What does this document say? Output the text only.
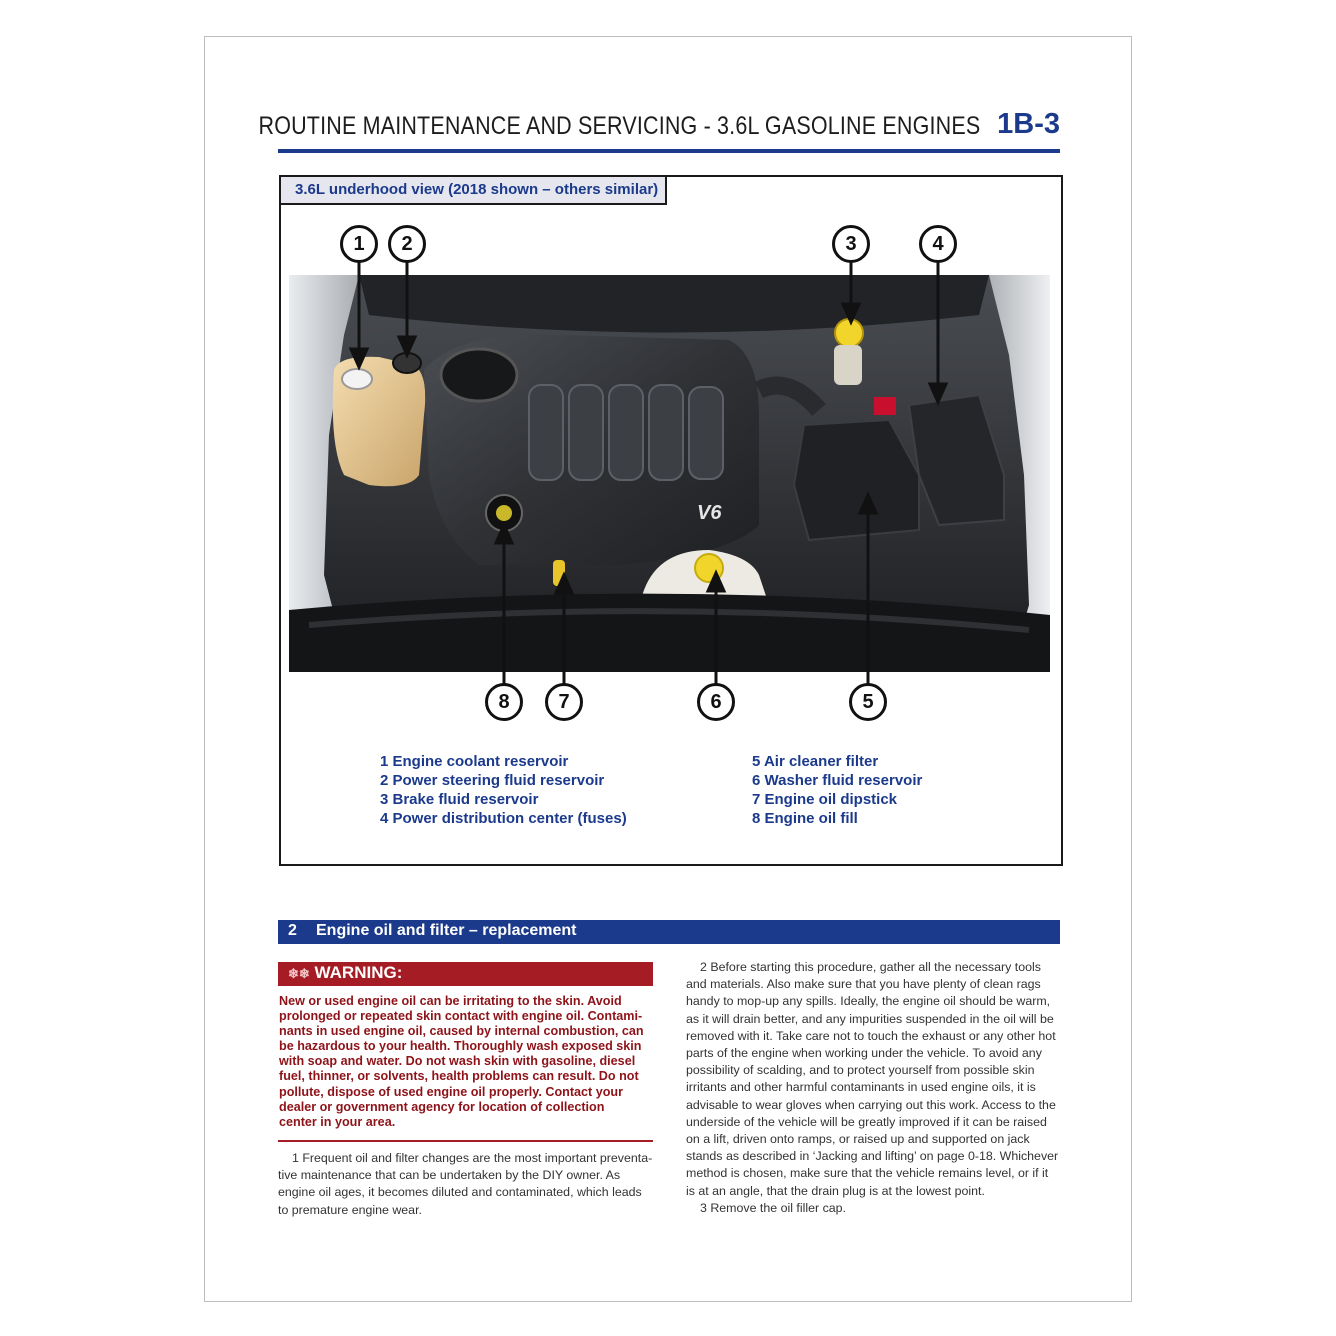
ROUTINE MAINTENANCE AND SERVICING - 3.6L GASOLINE ENGINES 1B-3
3.6L underhood view (2018 shown – others similar)
V6
1	2	3	4
5
6
7
8
1 Engine coolant reservoir
2 Power steering fluid reservoir
3 Brake fluid reservoir
4 Power distribution center (fuses)
5 Air cleaner filter
6 Washer fluid reservoir
7 Engine oil dipstick
8 Engine oil fill
2 Engine oil and filter – replacement
❄❄ WARNING:
New or used engine oil can be irritating to the skin. Avoid
prolonged or repeated skin contact with engine oil. Contami-
nants in used engine oil, caused by internal combustion, can
be hazardous to your health. Thoroughly wash exposed skin
with soap and water. Do not wash skin with gasoline, diesel
fuel, thinner, or solvents, health problems can result. Do not
pollute, dispose of used engine oil properly. Contact your
dealer or government agency for location of collection
center in your area.

1 Frequent oil and filter changes are the most important preventa-tive maintenance that can be undertaken by the DIY owner. As engine oil ages, it becomes diluted and contaminated, which leads to premature engine wear.

2 Before starting this procedure, gather all the necessary tools and materials. Also make sure that you have plenty of clean rags handy to mop-up any spills. Ideally, the engine oil should be warm, as it will drain better, and any impurities suspended in the oil will be removed with it. Take care not to touch the exhaust or any other hot parts of the engine when working under the vehicle. To avoid any possibility of scalding, and to protect yourself from possible skin irritants and other harmful contaminants in used engine oils, it is advisable to wear gloves when carrying out this work. Access to the underside of the vehicle will be greatly improved if it can be raised on a lift, driven onto ramps, or raised up and supported on jack stands as described in ‘Jacking and lifting’ on page 0-18. Whichever method is chosen, make sure that the vehicle remains level, or if it is at an angle, that the drain plug is at the lowest point.

3 Remove the oil filler cap.
